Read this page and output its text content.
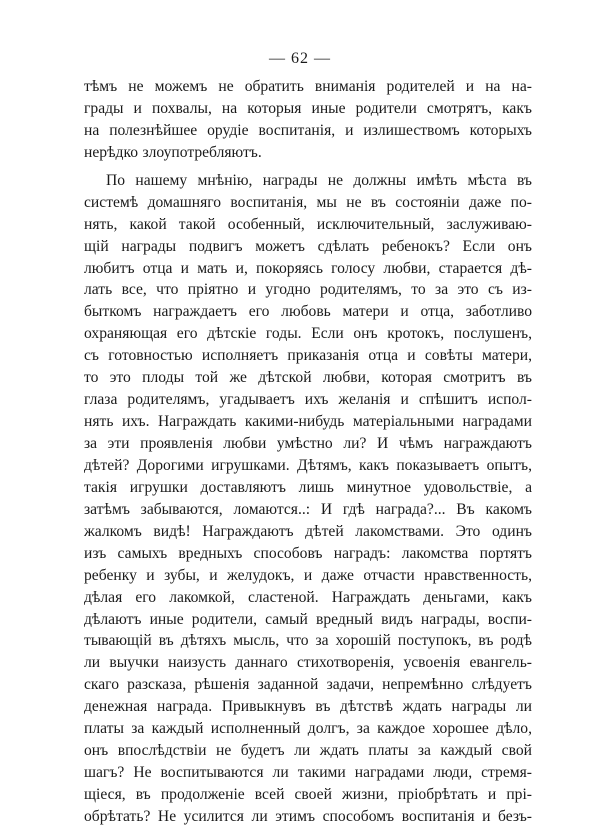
— 62 —
тѣмъ не можемъ не обратить вниманія родителей и на на-
грады и похвалы, на которыя иные родители смотрятъ, какъ
на полезнѣйшее орудіе воспитанія, и излишествомъ которыхъ
нерѣдко злоупотребляютъ.
По нашему мнѣнію, награды не должны имѣть мѣста въ
системѣ домашняго воспитанія, мы не въ состояніи даже по-
нять, какой такой особенный, исключительный, заслуживаю-
щій награды подвигъ можетъ сдѣлать ребенокъ? Если онъ
любитъ отца и мать и, покоряясь голосу любви, старается дѣ-
лать все, что пріятно и угодно родителямъ, то за это съ из-
быткомъ награждаетъ его любовь матери и отца, заботливо
охраняющая его дѣтскіе годы. Если онъ кротокъ, послушенъ,
съ готовностью исполняетъ приказанія отца и совѣты матери,
то это плоды той же дѣтской любви, которая смотритъ въ
глаза родителямъ, угадываетъ ихъ желанія и спѣшитъ испол-
нять ихъ. Награждать какими-нибудь матеріальными наградами
за эти проявленія любви умѣстно ли? И чѣмъ награждаютъ
дѣтей? Дорогими игрушками. Дѣтямъ, какъ показываетъ опытъ,
такія игрушки доставляютъ лишь минутное удовольствіе, а
затѣмъ забываются, ломаются..: И гдѣ награда?... Въ какомъ
жалкомъ видѣ! Награждаютъ дѣтей лакомствами. Это одинъ
изъ самыхъ вредныхъ способовъ наградъ: лакомства портятъ
ребенку и зубы, и желудокъ, и даже отчасти нравственность,
дѣлая его лакомкой, сластеной. Награждать деньгами, какъ
дѣлаютъ иные родители, самый вредный видъ награды, воспи-
тывающій въ дѣтяхъ мысль, что за хорошій поступокъ, въ родѣ
ли выучки наизусть даннаго стихотворенія, усвоенія евангель-
скаго разсказа, рѣшенія заданной задачи, непремѣнно слѣдуетъ
денежная награда. Привыкнувъ въ дѣтствѣ ждать награды ли
платы за каждый исполненный долгъ, за каждое хорошее дѣло,
онъ впослѣдствіи не будетъ ли ждать платы за каждый свой
шагъ? Не воспитываются ли такими наградами люди, стремя-
щіеся, въ продолженіе всей своей жизни, пріобрѣтать и прі-
обрѣтать? Не усилится ли этимъ способомъ воспитанія и безъ-
